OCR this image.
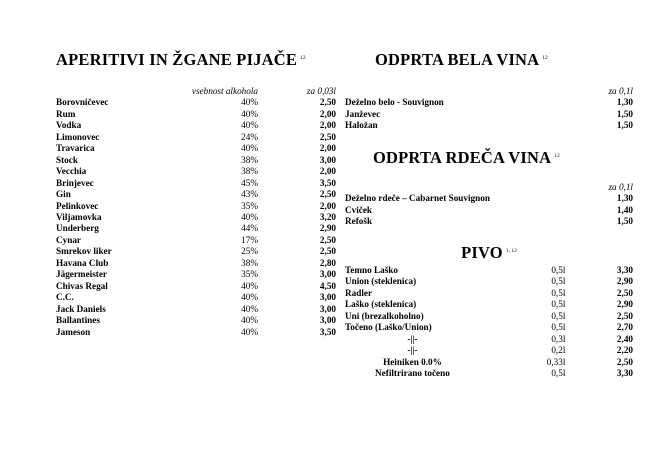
APERITIVI IN ŽGANE PIJAČE $^{12}$
	vsebnost alkohola	za 0,03l
Borovničevec	40%	2,50
Rum	40%	2,00
Vodka	40%	2,00
Limonovec	24%	2,50
Travarica	40%	2,00
Stock	38%	3,00
Vecchia	38%	2,00
Brinjevec	45%	3,50
Gin	43%	2,50
Pelinkovec	35%	2,00
Viljamovka	40%	3,20
Underberg	44%	2,90
Cynar	17%	2,50
Smrekov liker	25%	2,50
Havana Club	38%	2,80
Jägermeister	35%	3,00
Chivas Regal	40%	4,50
C.C.	40%	3,00
Jack Daniels	40%	3,00
Ballantines	40%	3,00
Jameson	40%	3,50
ODPRTA BELA VINA $^{12}$
	za 0,1l
Deželno belo - Souvignon	1,30
Janževec	1,50
Haložan	1,50
ODPRTA RDEČA VINA $^{12}$
	za 0,1l
Deželno rdeče – Cabarnet Souvignon	1,30
Cviček	1,40
Refošk	1,50
PIVO $^{1, 12}$
Temno Laško	0,5l	3,30
Union (steklenica)	0,5l	2,90
Radler	0,5l	2,50
Laško (steklenica)	0,5l	2,90
Uni (brezalkoholno)	0,5l	2,50
Točeno (Laško/Union)	0,5l	2,70
-||-	0,3l	2,40
-||-	0,2l	2,20
Heiniken 0.0%	0,33l	2,50
Nefiltrirano točeno	0,5l	3,30
